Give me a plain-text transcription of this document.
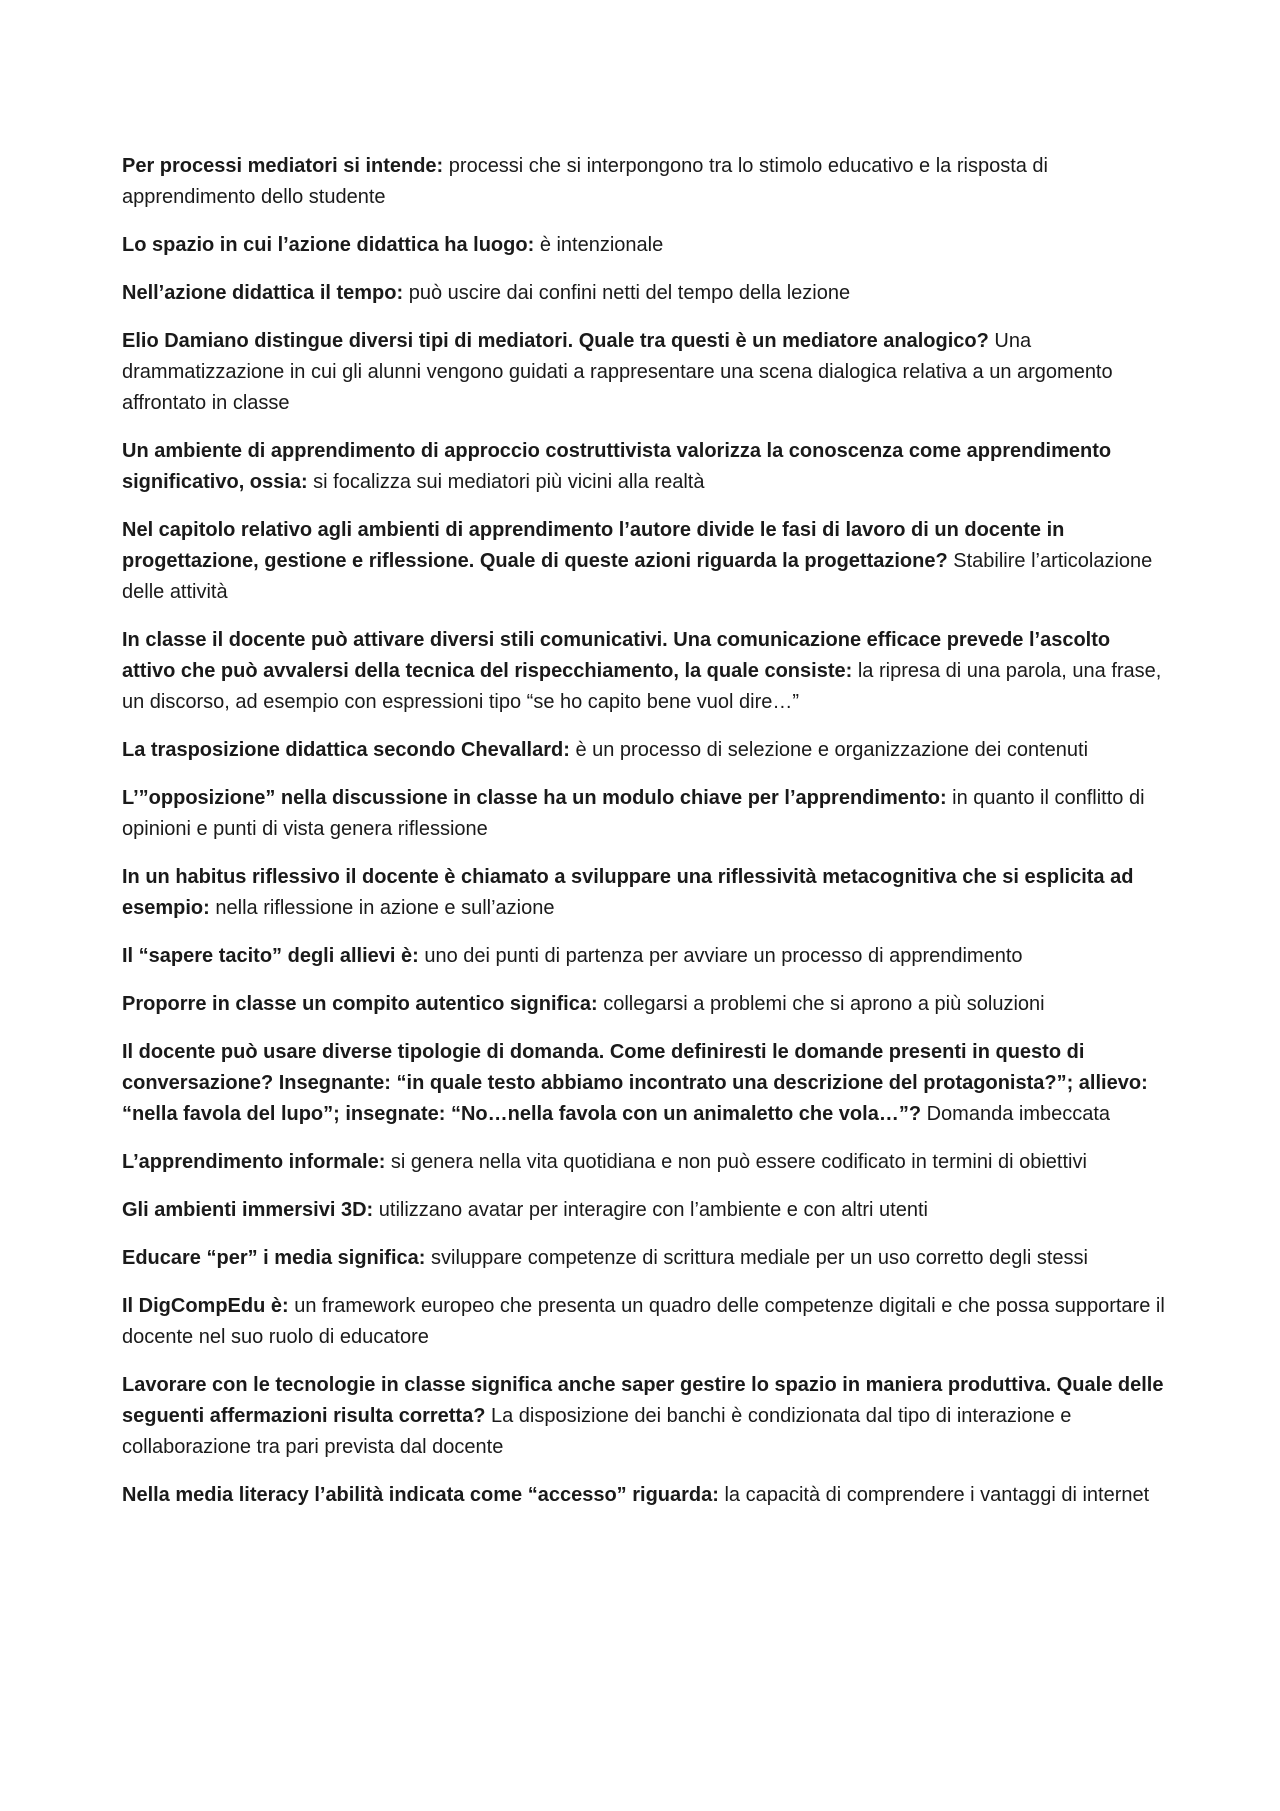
Per processi mediatori si intende: processi che si interpongono tra lo stimolo educativo e la risposta di apprendimento dello studente

Lo spazio in cui l’azione didattica ha luogo: è intenzionale

Nell’azione didattica il tempo: può uscire dai confini netti del tempo della lezione

Elio Damiano distingue diversi tipi di mediatori. Quale tra questi è un mediatore analogico? Una drammatizzazione in cui gli alunni vengono guidati a rappresentare una scena dialogica relativa a un argomento affrontato in classe

Un ambiente di apprendimento di approccio costruttivista valorizza la conoscenza come apprendimento significativo, ossia: si focalizza sui mediatori più vicini alla realtà

Nel capitolo relativo agli ambienti di apprendimento l’autore divide le fasi di lavoro di un docente in progettazione, gestione e riflessione. Quale di queste azioni riguarda la progettazione? Stabilire l’articolazione delle attività

In classe il docente può attivare diversi stili comunicativi. Una comunicazione efficace prevede l’ascolto attivo che può avvalersi della tecnica del rispecchiamento, la quale consiste: la ripresa di una parola, una frase, un discorso, ad esempio con espressioni tipo “se ho capito bene vuol dire…”

La trasposizione didattica secondo Chevallard: è un processo di selezione e organizzazione dei contenuti

L’”opposizione” nella discussione in classe ha un modulo chiave per l’apprendimento: in quanto il conflitto di opinioni e punti di vista genera riflessione

In un habitus riflessivo il docente è chiamato a sviluppare una riflessività metacognitiva che si esplicita ad esempio: nella riflessione in azione e sull’azione

Il “sapere tacito” degli allievi è: uno dei punti di partenza per avviare un processo di apprendimento

Proporre in classe un compito autentico significa: collegarsi a problemi che si aprono a più soluzioni

Il docente può usare diverse tipologie di domanda. Come definiresti le domande presenti in questo di conversazione? Insegnante: “in quale testo abbiamo incontrato una descrizione del protagonista?”; allievo: “nella favola del lupo”; insegnate: “No…nella favola con un animaletto che vola…”? Domanda imbeccata

L’apprendimento informale: si genera nella vita quotidiana e non può essere codificato in termini di obiettivi

Gli ambienti immersivi 3D: utilizzano avatar per interagire con l’ambiente e con altri utenti

Educare “per” i media significa: sviluppare competenze di scrittura mediale per un uso corretto degli stessi

Il DigCompEdu è: un framework europeo che presenta un quadro delle competenze digitali e che possa supportare il docente nel suo ruolo di educatore

Lavorare con le tecnologie in classe significa anche saper gestire lo spazio in maniera produttiva. Quale delle seguenti affermazioni risulta corretta? La disposizione dei banchi è condizionata dal tipo di interazione e collaborazione tra pari prevista dal docente

Nella media literacy l’abilità indicata come “accesso” riguarda: la capacità di comprendere i vantaggi di internet
